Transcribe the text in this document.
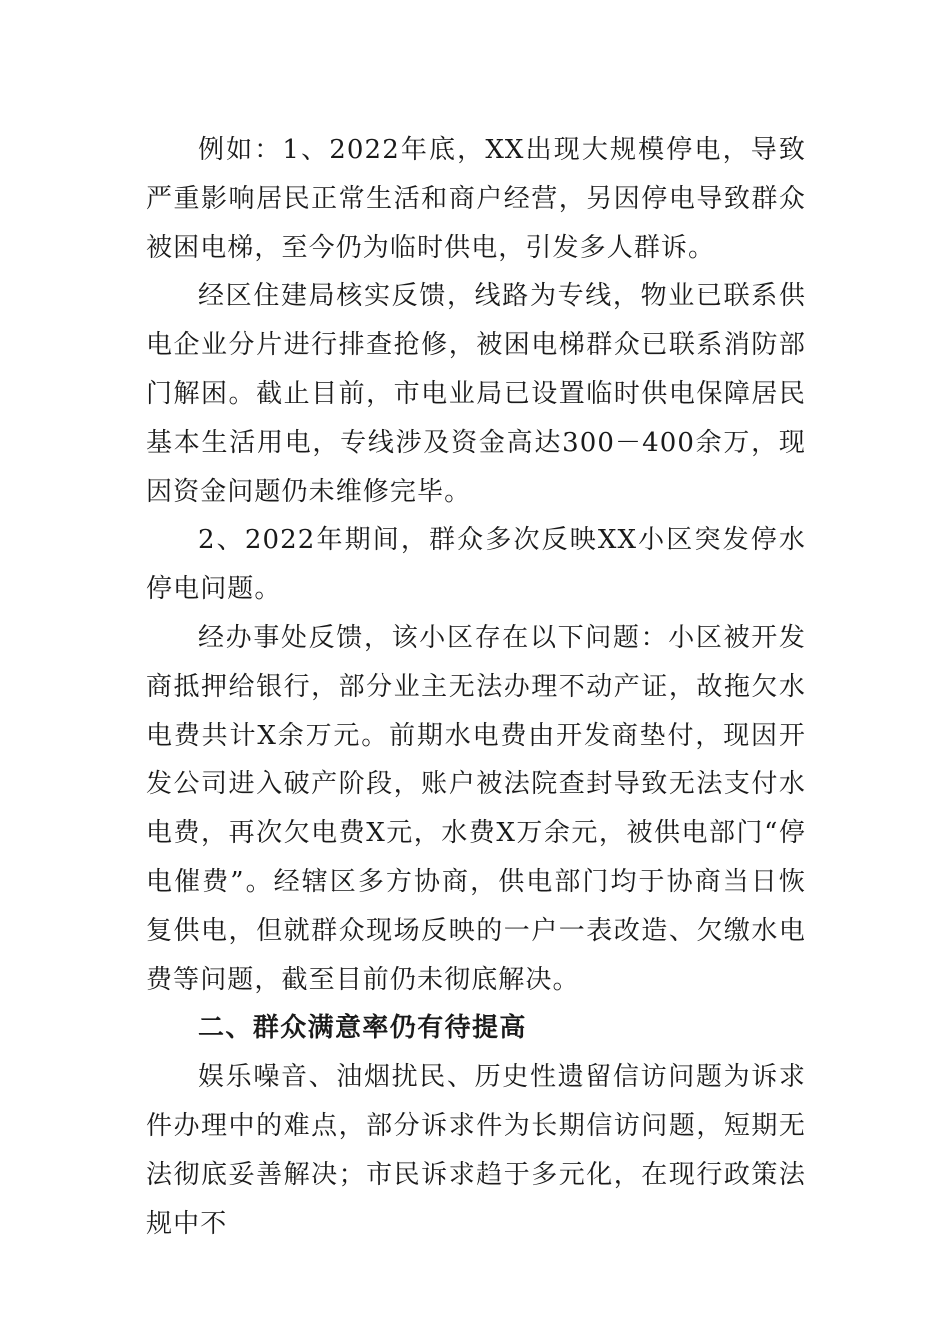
例如：1、2022年底，XX出现大规模停电，导致严重影响居民正常生活和商户经营，另因停电导致群众被困电梯，至今仍为临时供电，引发多人群诉。

经区住建局核实反馈，线路为专线，物业已联系供电企业分片进行排查抢修，被困电梯群众已联系消防部门解困。截止目前，市电业局已设置临时供电保障居民基本生活用电，专线涉及资金高达300－400余万，现因资金问题仍未维修完毕。

2、2022年期间，群众多次反映XX小区突发停水停电问题。

经办事处反馈，该小区存在以下问题：小区被开发商抵押给银行，部分业主无法办理不动产证，故拖欠水电费共计X余万元。前期水电费由开发商垫付，现因开发公司进入破产阶段，账户被法院查封导致无法支付水电费，再次欠电费X元，水费X万余元，被供电部门“停电催费”。经辖区多方协商，供电部门均于协商当日恢复供电，但就群众现场反映的一户一表改造、欠缴水电费等问题，截至目前仍未彻底解决。

二、群众满意率仍有待提高

娱乐噪音、油烟扰民、历史性遗留信访问题为诉求件办理中的难点，部分诉求件为长期信访问题，短期无法彻底妥善解决；市民诉求趋于多元化，在现行政策法规中不
